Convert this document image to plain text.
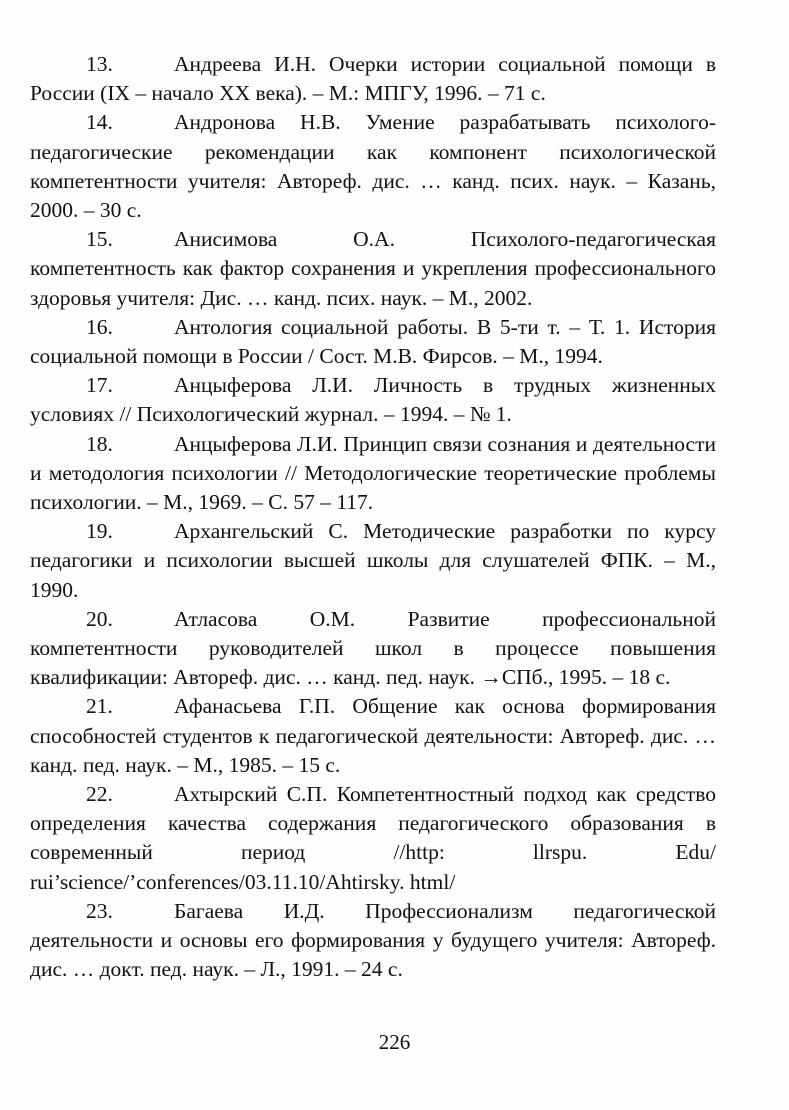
13.	Андреева И.Н. Очерки истории социальной помощи в России (IX – начало XX века). – М.: МПГУ, 1996. – 71 с.

14.	Андронова Н.В. Умение разрабатывать психолого-педагогические рекомендации как компонент психологической компетентности учителя: Автореф. дис. … канд. псих. наук. – Казань, 2000. – 30 с.

15.	Анисимова О.А. Психолого-педагогическая компетентность как фактор сохранения и укрепления профессионального здоровья учителя: Дис. … канд. псих. наук. – М., 2002.

16.	Антология социальной работы. В 5-ти т. – Т. 1. История социальной помощи в России / Сост. М.В. Фирсов. – М., 1994.

17.	Анцыферова Л.И. Личность в трудных жизненных условиях // Психологический журнал. – 1994. – № 1.

18.	Анцыферова Л.И. Принцип связи сознания и деятельности и методология психологии // Методологические теоретические проблемы психологии. – М., 1969. – С. 57 – 117.

19.	Архангельский С. Методические разработки по курсу педагогики и психологии высшей школы для слушателей ФПК. – М., 1990.

20.	Атласова О.М. Развитие профессиональной компетентности руководителей школ в процессе повышения квалификации: Автореф. дис. … канд. пед. наук. →СПб., 1995. – 18 с.

21.	Афанасьева Г.П. Общение как основа формирования способностей студентов к педагогической деятельности: Автореф. дис. … канд. пед. наук. – М., 1985. – 15 с.

22.	Ахтырский С.П. Компетентностный подход как средство определения качества содержания педагогического образования в современный период //http: llrspu. Edu/ rui’science/’conferences/03.11.10/Ahtirsky. html/

23.	Багаева И.Д. Профессионализм педагогической деятельности и основы его формирования у будущего учителя: Автореф. дис. … докт. пед. наук. – Л., 1991. – 24 с.

226
